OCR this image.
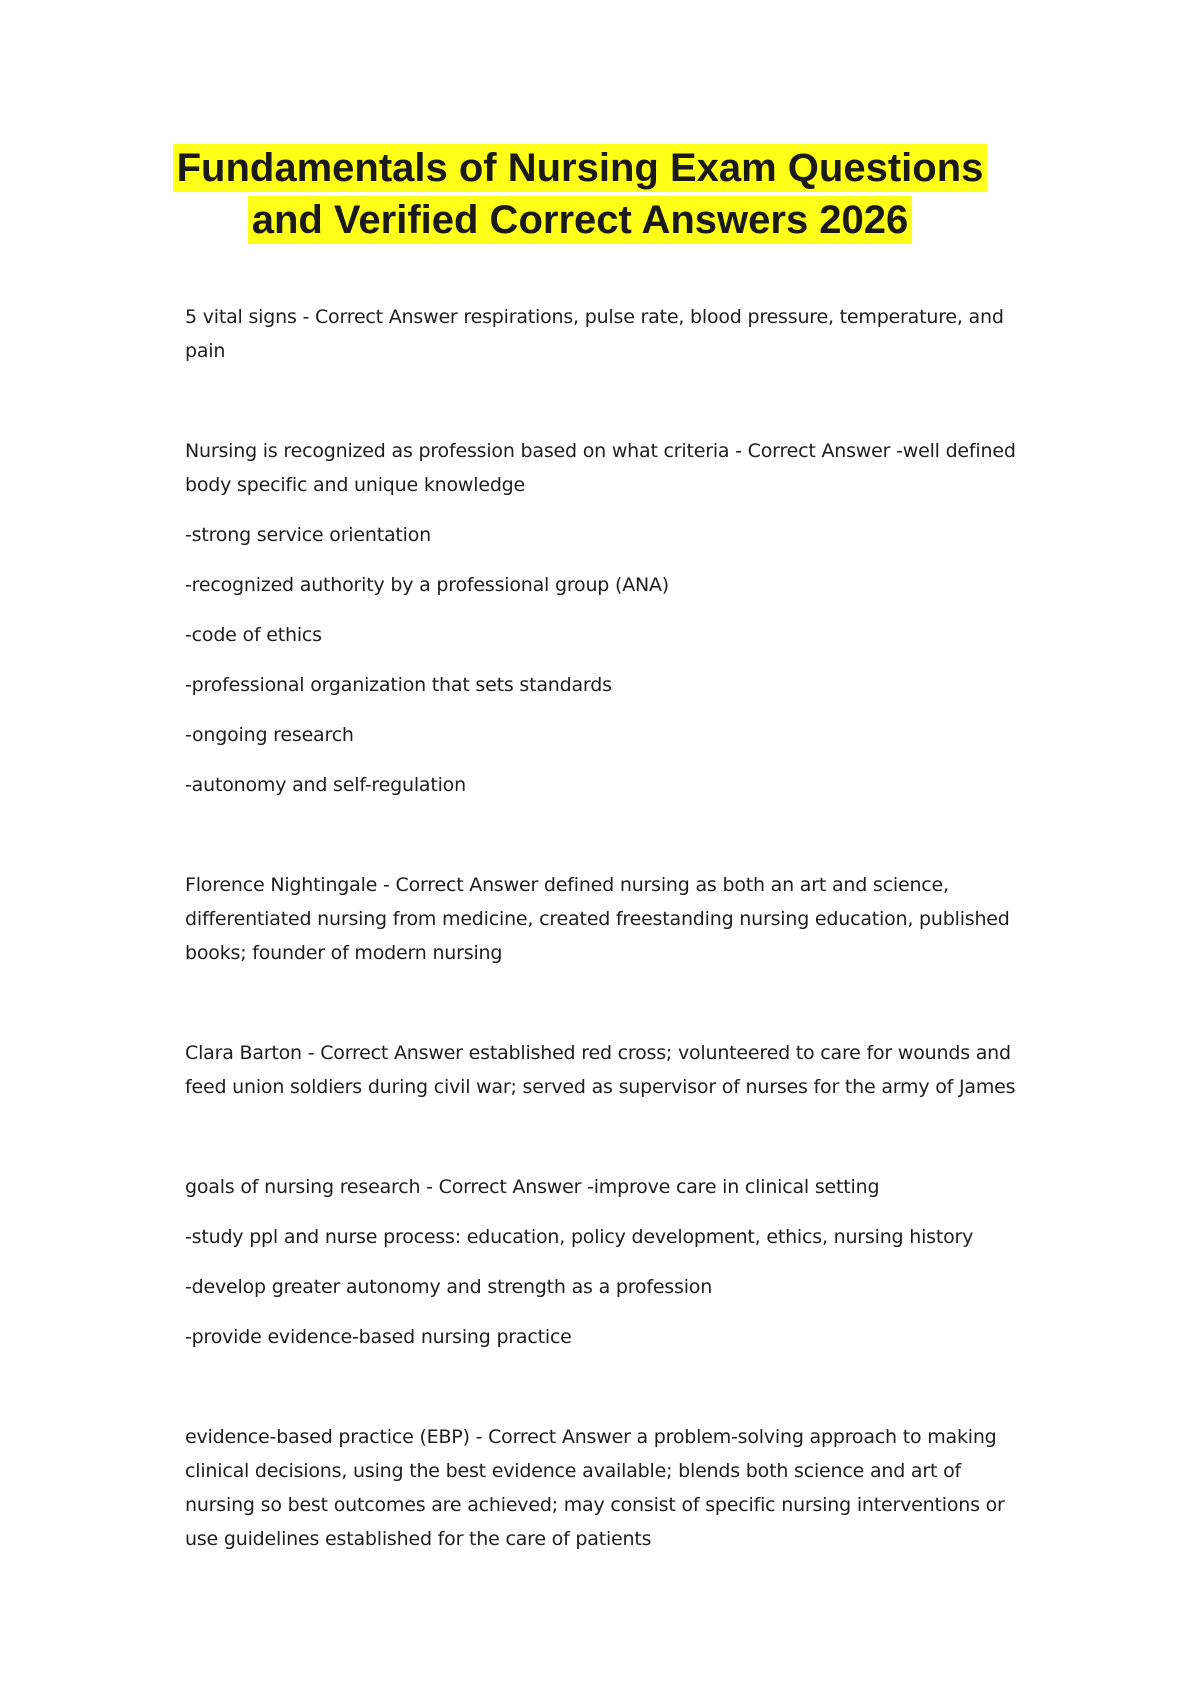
Fundamentals of Nursing Exam Questions and Verified Correct Answers 2026

5 vital signs - Correct Answer respirations, pulse rate, blood pressure, temperature, and pain

Nursing is recognized as profession based on what criteria - Correct Answer -well defined body specific and unique knowledge

-strong service orientation

-recognized authority by a professional group (ANA)

-code of ethics

-professional organization that sets standards

-ongoing research

-autonomy and self-regulation

Florence Nightingale - Correct Answer defined nursing as both an art and science, differentiated nursing from medicine, created freestanding nursing education, published books; founder of modern nursing

Clara Barton - Correct Answer established red cross; volunteered to care for wounds and feed union soldiers during civil war; served as supervisor of nurses for the army of James

goals of nursing research - Correct Answer -improve care in clinical setting

-study ppl and nurse process: education, policy development, ethics, nursing history

-develop greater autonomy and strength as a profession

-provide evidence-based nursing practice

evidence-based practice (EBP) - Correct Answer a problem-solving approach to making clinical decisions, using the best evidence available; blends both science and art of nursing so best outcomes are achieved; may consist of specific nursing interventions or use guidelines established for the care of patients
